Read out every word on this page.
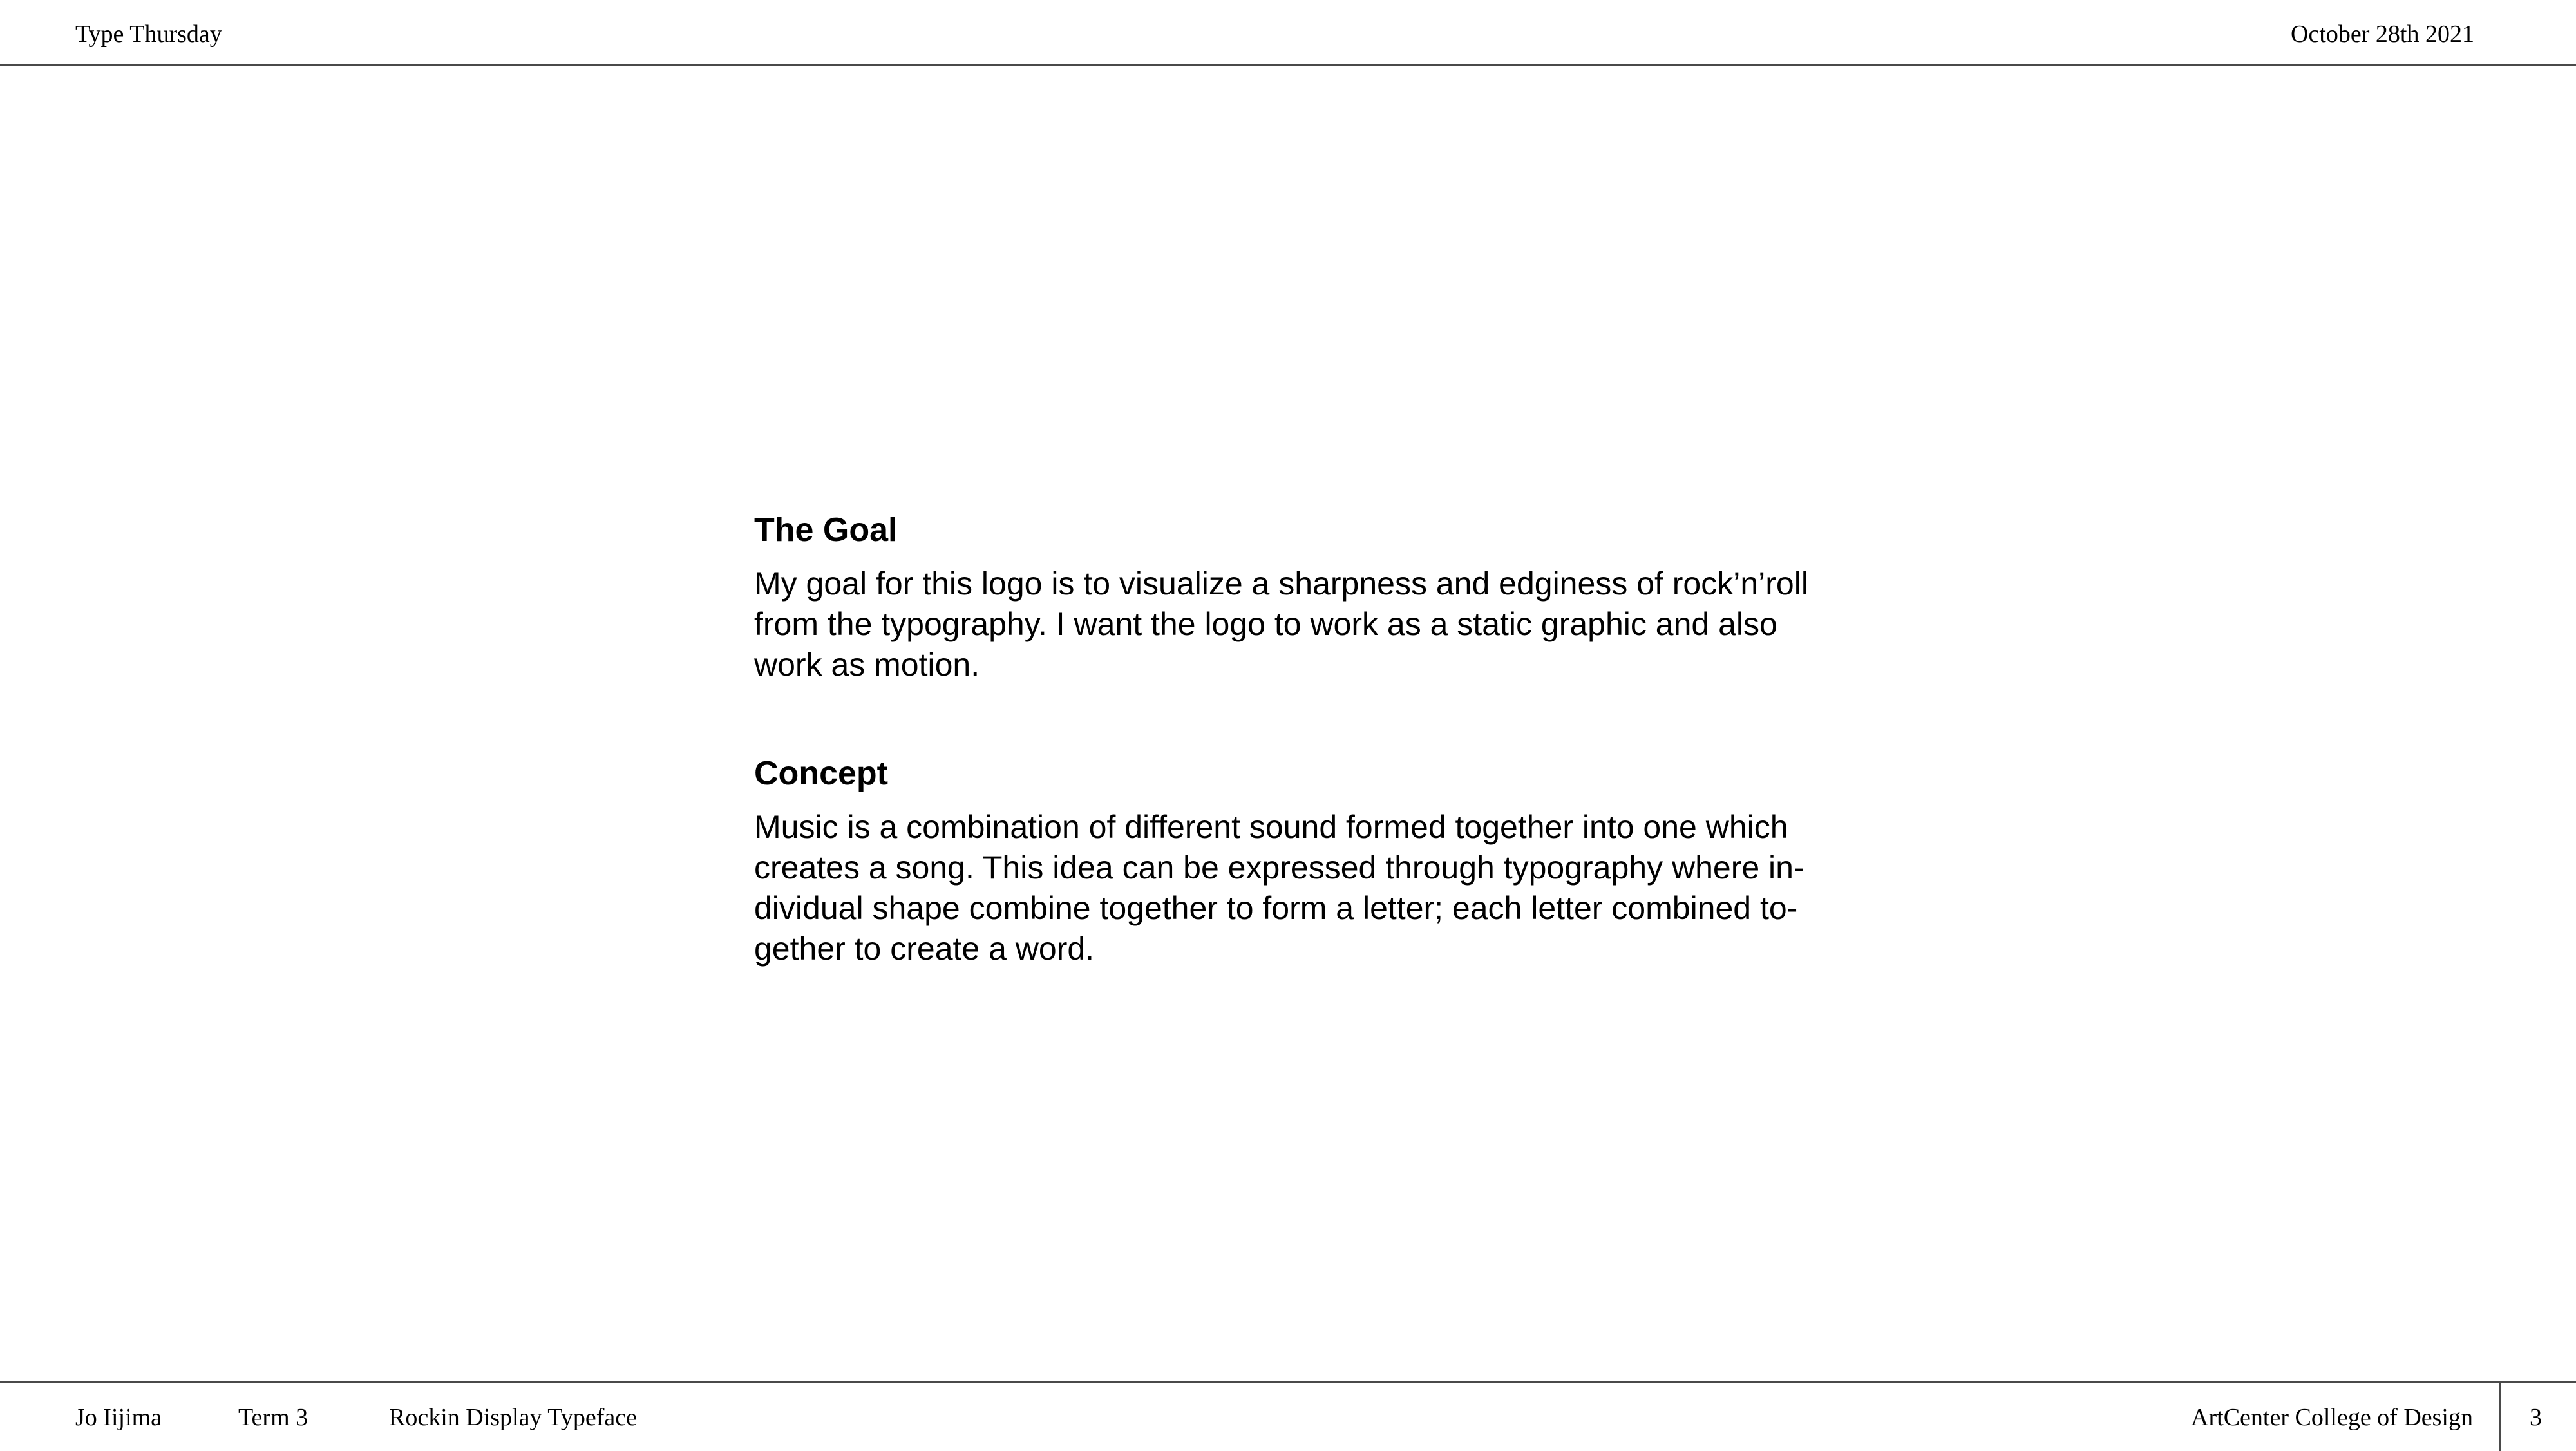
Type Thursday	October 28th 2021
The Goal

My goal for this logo is to visualize a sharpness and edginess of rock’n’roll
from the typography. I want the logo to work as a static graphic and also
work as motion.

Concept

Music is a combination of different sound formed together into one which
creates a song. This idea can be expressed through typography where in-
dividual shape combine together to form a letter; each letter combined to-
gether to create a word.

Jo Iijima	Term 3	Rockin Display Typeface	ArtCenter College of Design 3
